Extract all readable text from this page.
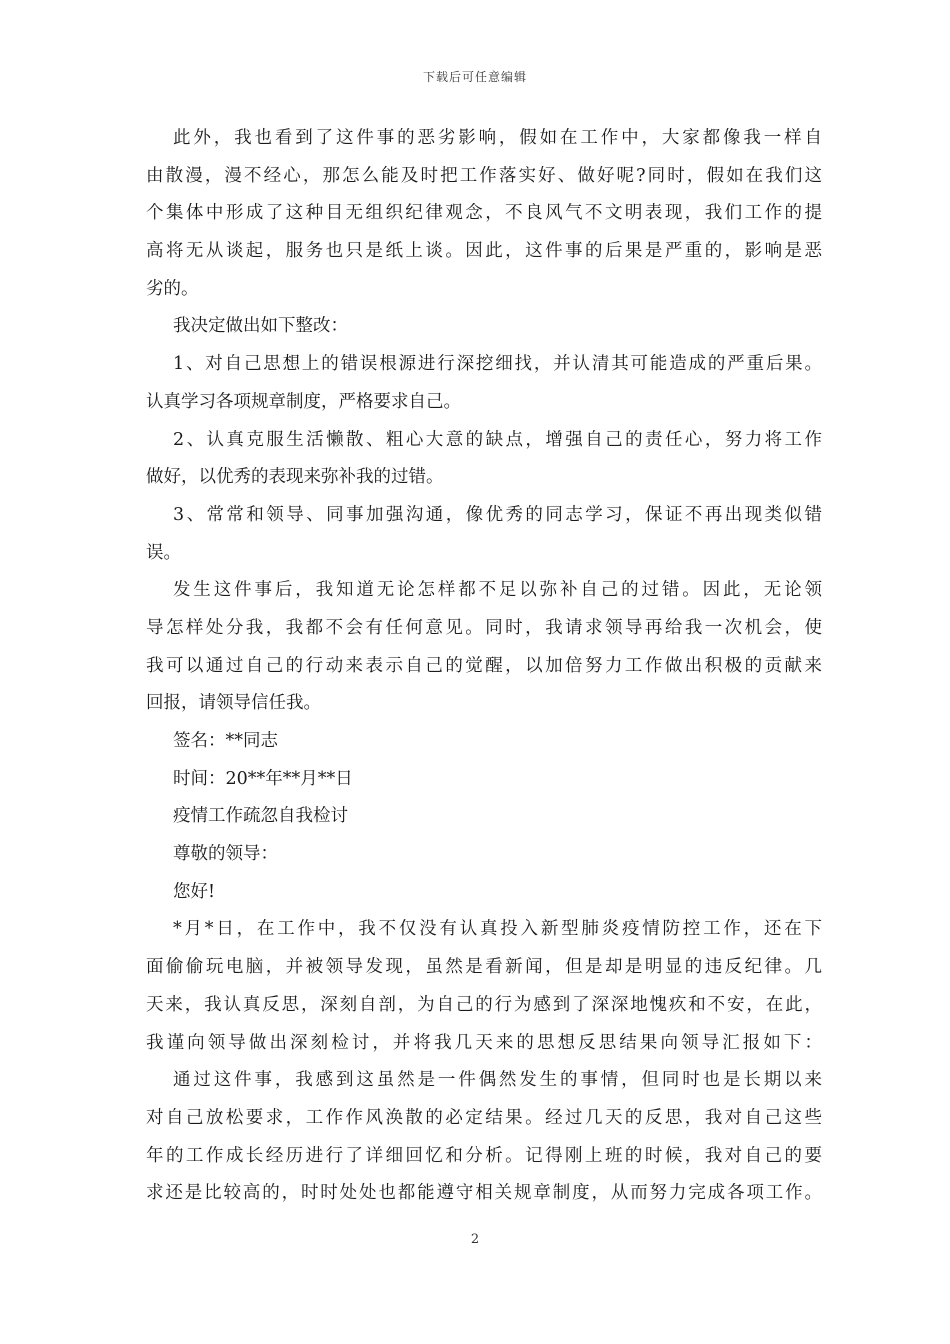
下载后可任意编辑
此外，我也看到了这件事的恶劣影响，假如在工作中，大家都像我一样自
由散漫，漫不经心，那怎么能及时把工作落实好、做好呢?同时，假如在我们这
个集体中形成了这种目无组织纪律观念，不良风气不文明表现，我们工作的提
高将无从谈起，服务也只是纸上谈。因此，这件事的后果是严重的，影响是恶
劣的。
我决定做出如下整改：
1、对自己思想上的错误根源进行深挖细找，并认清其可能造成的严重后果。
认真学习各项规章制度，严格要求自己。
2、认真克服生活懒散、粗心大意的缺点，增强自己的责任心，努力将工作
做好，以优秀的表现来弥补我的过错。
3、常常和领导、同事加强沟通，像优秀的同志学习，保证不再出现类似错
误。
发生这件事后，我知道无论怎样都不足以弥补自己的过错。因此，无论领
导怎样处分我，我都不会有任何意见。同时，我请求领导再给我一次机会，使
我可以通过自己的行动来表示自己的觉醒，以加倍努力工作做出积极的贡献来
回报，请领导信任我。
签名：**同志
时间：20**年**月**日
疫情工作疏忽自我检讨
尊敬的领导：
您好!
*月*日，在工作中，我不仅没有认真投入新型肺炎疫情防控工作，还在下
面偷偷玩电脑，并被领导发现，虽然是看新闻，但是却是明显的违反纪律。几
天来，我认真反思，深刻自剖，为自己的行为感到了深深地愧疚和不安，在此，
我谨向领导做出深刻检讨，并将我几天来的思想反思结果向领导汇报如下：
通过这件事，我感到这虽然是一件偶然发生的事情，但同时也是长期以来
对自己放松要求，工作作风涣散的必定结果。经过几天的反思，我对自己这些
年的工作成长经历进行了详细回忆和分析。记得刚上班的时候，我对自己的要
求还是比较高的，时时处处也都能遵守相关规章制度，从而努力完成各项工作。
2
